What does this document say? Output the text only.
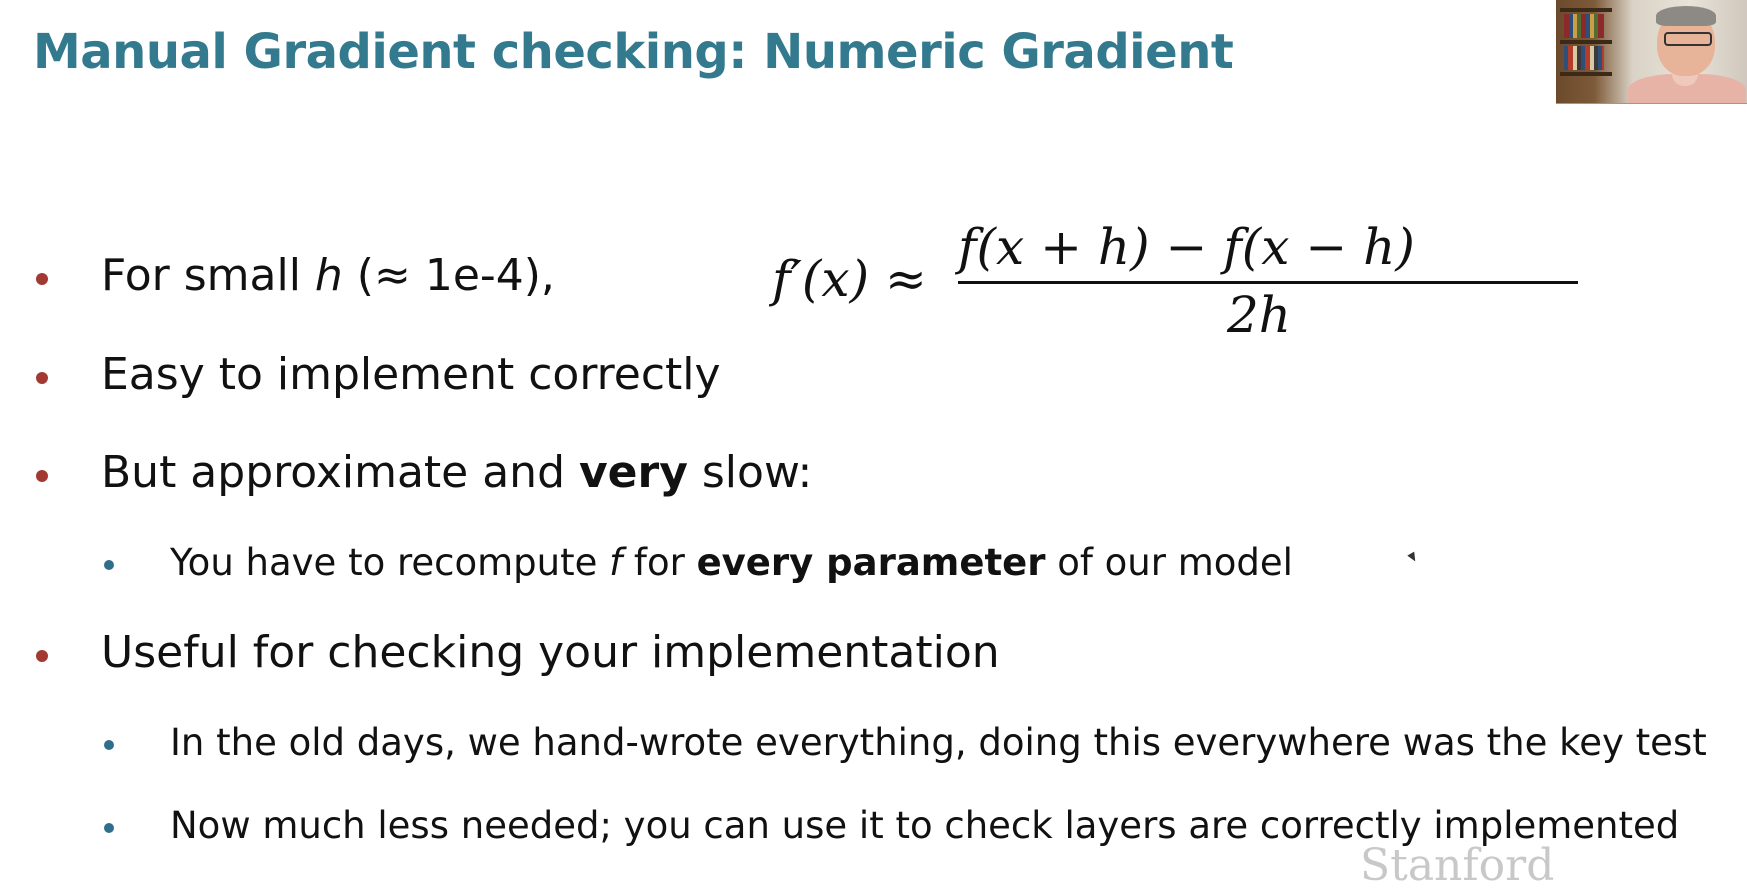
Manual Gradient checking: Numeric Gradient
For small h (≈ 1e-4),	f′(x) ≈
f(x + h) − f(x − h)
2h
Easy to implement correctly
But approximate and very slow:
You have to recompute f for every parameter of our model
Useful for checking your implementation
In the old days, we hand-wrote everything, doing this everywhere was the key test
Now much less needed; you can use it to check layers are correctly implemented
Stanford
